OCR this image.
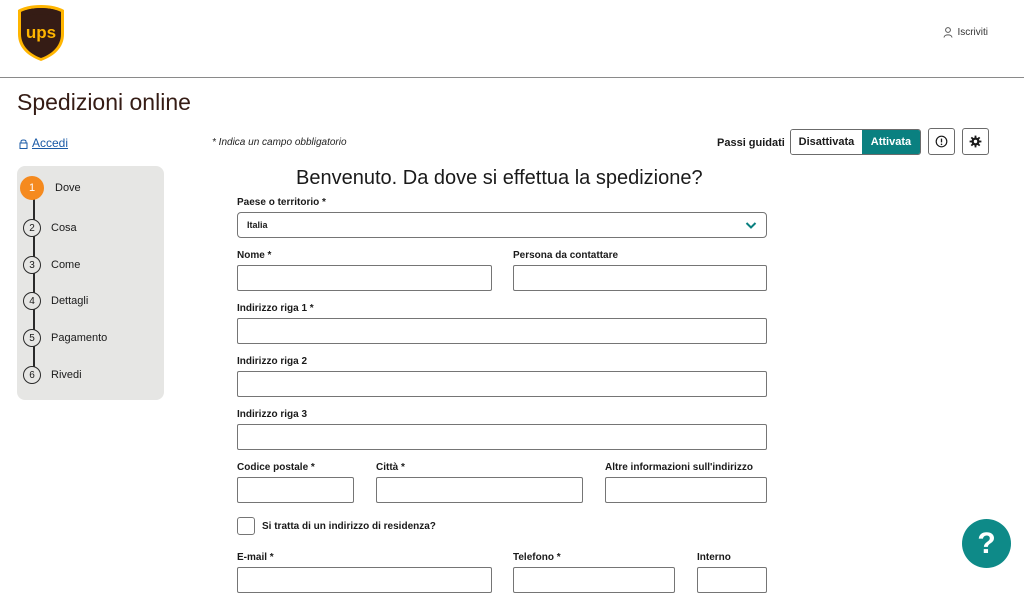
ups	Iscriviti
Spedizioni online
Accedi	* Indica un campo obbligatorio	Passi guidati	Disattivata	Attivata
1	Dove
2	Cosa
3	Come
4	Dettagli
5	Pagamento
6	Rivedi
Benvenuto. Da dove si effettua la spedizione?
Paese o territorio *
Italia
Nome *	Persona da contattare
Indirizzo riga 1 *
Indirizzo riga 2
Indirizzo riga 3
Codice postale *	Città *	Altre informazioni sull'indirizzo
Si tratta di un indirizzo di residenza?
E-mail *	Telefono *	Interno	?
